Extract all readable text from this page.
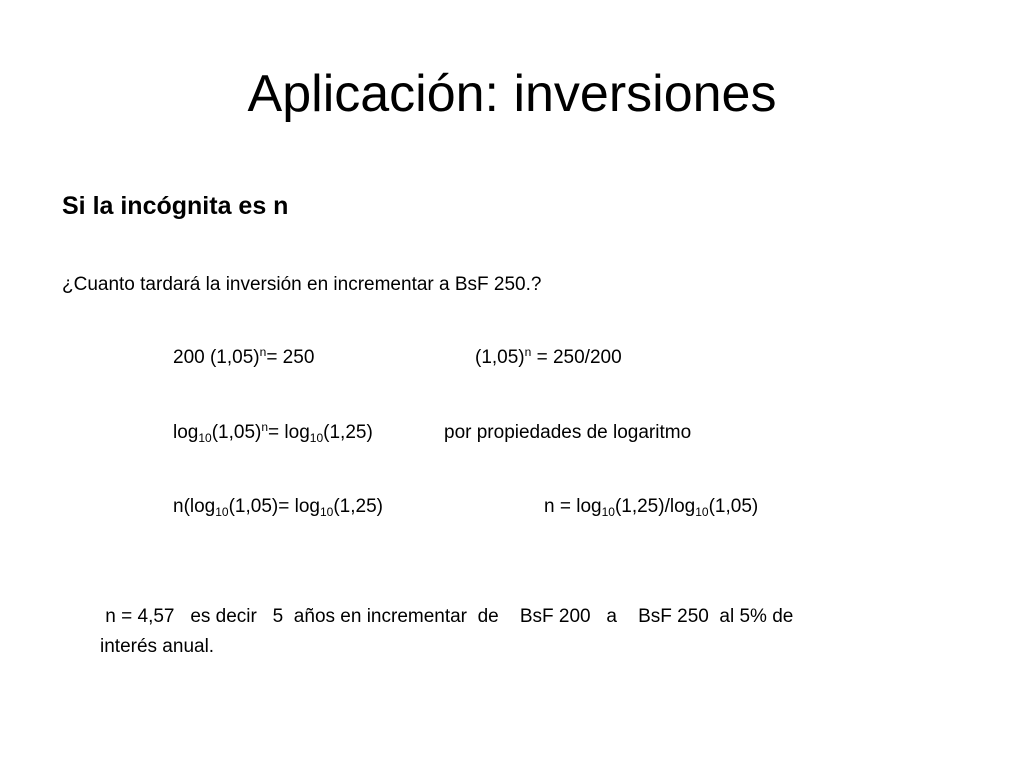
Aplicación: inversiones
Si la incógnita es n
¿Cuanto tardará la inversión en incrementar a BsF 250.?
200 $(1,05)^n= 250$	$(1,05)^n = 250/200$
$\log_{10}(1,05)^n= \log_{10}(1,25)$	por propiedades de logaritmo
$n(\log_{10}(1,05)= \log_{10}(1,25)$	$n = \log_{10}(1,25)/\log_{10}(1,05)$
n = 4,57   es decir   5  años en incrementar  de    BsF 200   a    BsF 250  al 5% de
interés anual.
